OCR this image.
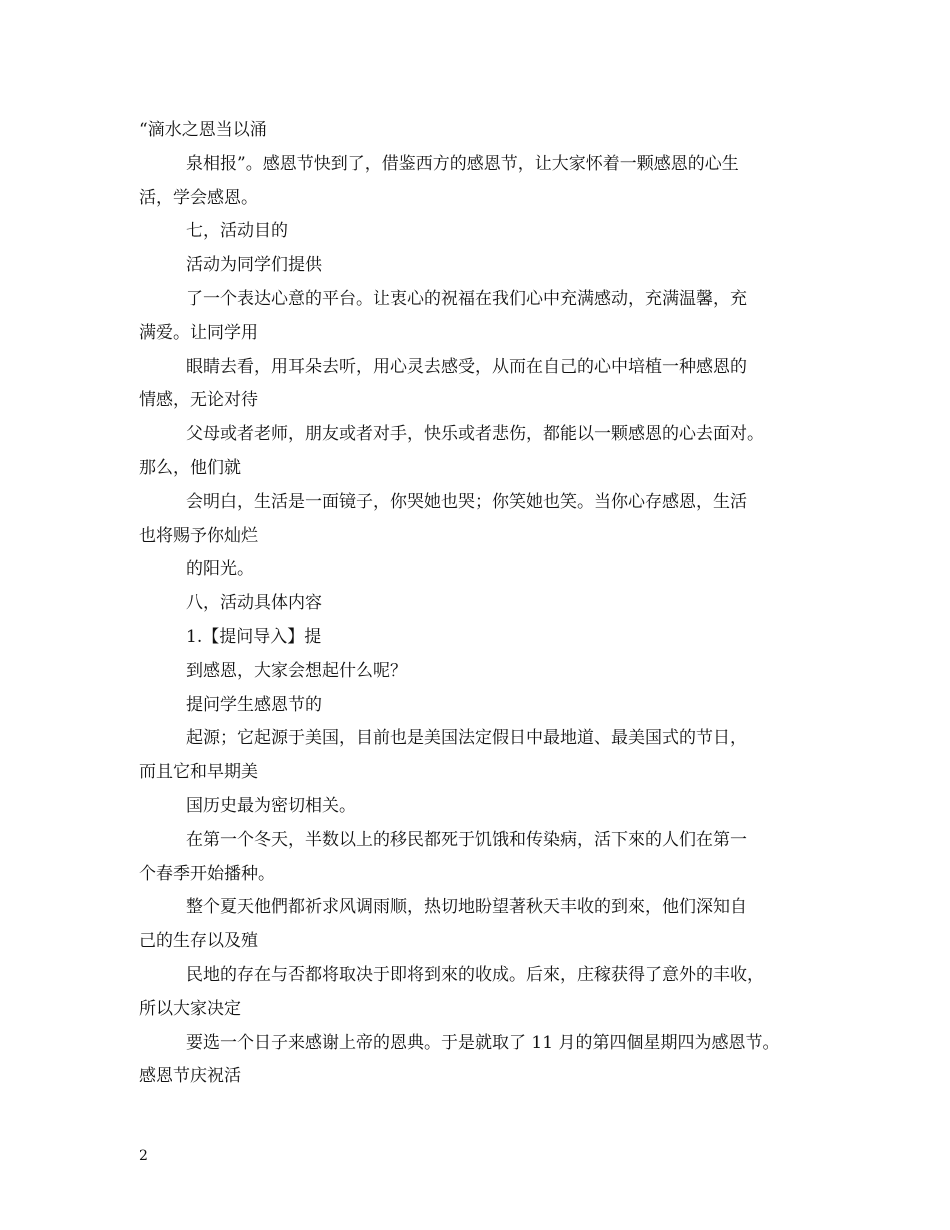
“滴水之恩当以涌
泉相报”。感恩节快到了，借鉴西方的感恩节，让大家怀着一颗感恩的心生
活，学会感恩。
七，活动目的
活动为同学们提供
了一个表达心意的平台。让衷心的祝福在我们心中充满感动，充满温馨，充
满爱。让同学用
眼睛去看，用耳朵去听，用心灵去感受，从而在自己的心中培植一种感恩的
情感，无论对待
父母或者老师，朋友或者对手，快乐或者悲伤，都能以一颗感恩的心去面对。
那么，他们就
会明白，生活是一面镜子，你哭她也哭；你笑她也笑。当你心存感恩，生活
也将赐予你灿烂
的阳光。
八，活动具体内容
1.【提问导入】提
到感恩，大家会想起什么呢？
提问学生感恩节的
起源；它起源于美国，目前也是美国法定假日中最地道、最美国式的节日，
而且它和早期美
国历史最为密切相关。
在第一个冬天，半数以上的移民都死于饥饿和传染病，活下來的人们在第一
个春季开始播种。
整个夏天他們都祈求风调雨顺，热切地盼望著秋天丰收的到來，他们深知自
己的生存以及殖
民地的存在与否都将取决于即将到來的收成。后來，庄稼获得了意外的丰收，
所以大家决定
要选一个日子来感谢上帝的恩典。于是就取了 11 月的第四個星期四为感恩节。
感恩节庆祝活
2
